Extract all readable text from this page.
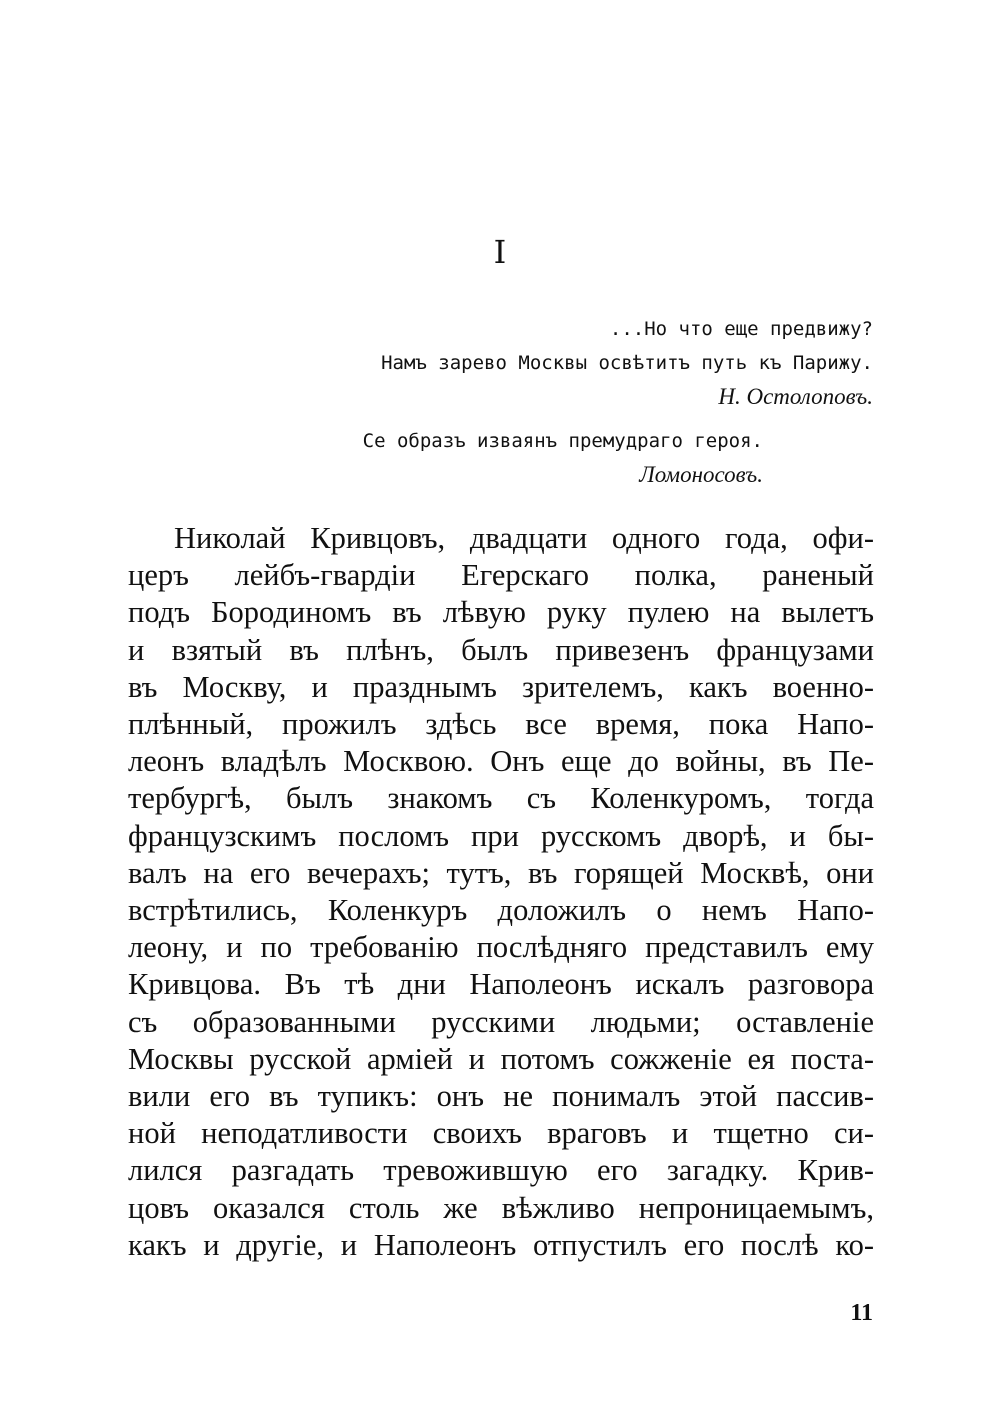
I
...Но что еще предвижу?
Намъ зарево Москвы освѣтитъ путь къ Парижу.
Н. Остолоповъ.
Се образъ изваянъ премудраго героя.
Ломоносовъ.
Николай Кривцовъ, двадцати одного года, офи-
церъ лейбъ-гвардіи Егерскаго полка, раненый
подъ Бородиномъ въ лѣвую руку пулею на вылетъ
и взятый въ плѣнъ, былъ привезенъ французами
въ Москву, и празднымъ зрителемъ, какъ военно-
плѣнный, прожилъ здѣсь все время, пока Напо-
леонъ владѣлъ Москвою. Онъ еще до войны, въ Пе-
тербургѣ, былъ знакомъ съ Коленкуромъ, тогда
французскимъ посломъ при русскомъ дворѣ, и бы-
валъ на его вечерахъ; тутъ, въ горящей Москвѣ, они
встрѣтились, Коленкуръ доложилъ о немъ Напо-
леону, и по требованію послѣдняго представилъ ему
Кривцова. Въ тѣ дни Наполеонъ искалъ разговора
съ образованными русскими людьми; оставленіе
Москвы русской арміей и потомъ сожженіе ея поста-
вили его въ тупикъ: онъ не понималъ этой пассив-
ной неподатливости своихъ враговъ и тщетно си-
лился разгадать тревожившую его загадку. Крив-
цовъ оказался столь же вѣжливо непроницаемымъ,
какъ и другіе, и Наполеонъ отпустилъ его послѣ ко-
11
